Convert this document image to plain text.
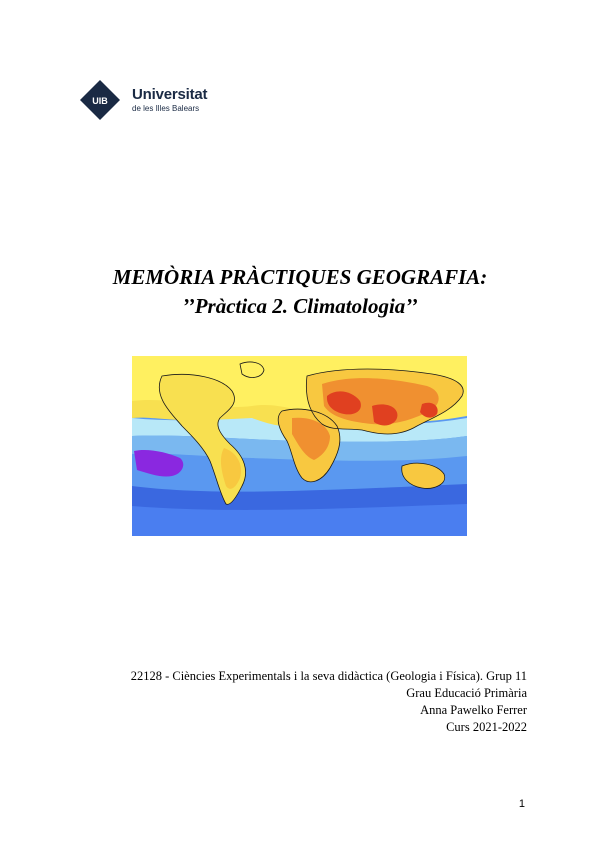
UIB Universitat
de les Illes Balears
MEMÒRIA PRÀCTIQUES GEOGRAFIA:
’’Pràctica 2. Climatologia’’
22128 - Ciències Experimentals i la seva didàctica (Geologia i Física). Grup 11
Grau Educació Primària
Anna Pawelko Ferrer
Curs 2021-2022
1
